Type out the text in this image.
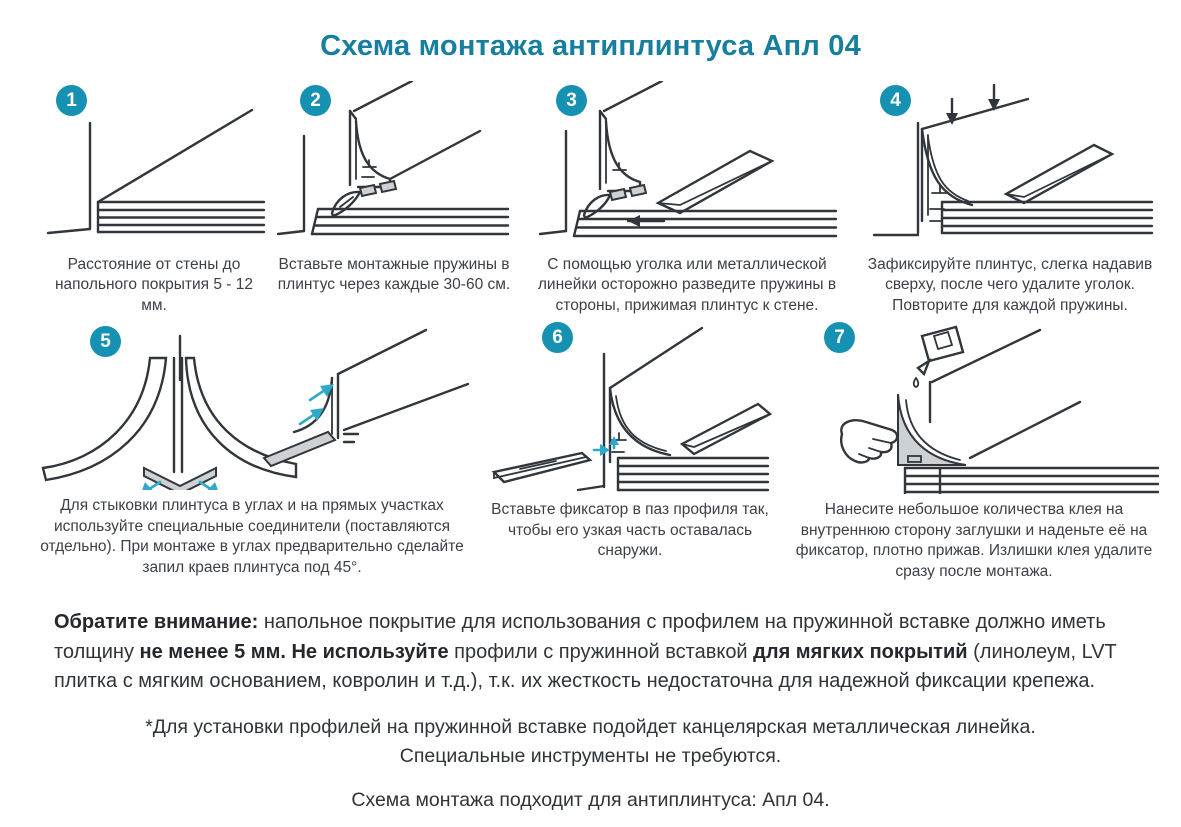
Схема монтажа антиплинтуса Апл 04
1
Расстояние от стены до напольного покрытия 5 - 12 мм.
2
Вставьте монтажные пружины в плинтус через каждые 30-60 см.
3
С помощью уголка или металлической линейки осторожно разведите пружины в стороны, прижимая плинтус к стене.
4
Зафиксируйте плинтус, слегка надавив сверху, после чего удалите уголок. Повторите для каждой пружины.
5
Для стыковки плинтуса в углах и на прямых участках используйте специальные соединители (поставляются отдельно). При монтаже в углах предварительно сделайте запил краев плинтуса под 45°.
6
Вставьте фиксатор в паз профиля так, чтобы его узкая часть оставалась снаружи.
7
Нанесите небольшое количества клея на внутреннюю сторону заглушки и наденьте её на фиксатор, плотно прижав. Излишки клея удалите сразу после монтажа.
Обратите внимание: напольное покрытие для использования с профилем на пружинной вставке должно иметь толщину не менее 5 мм. Не используйте профили с пружинной вставкой для мягких покрытий (линолеум, LVT плитка с мягким основанием, ковролин и т.д.), т.к. их жесткость недостаточна для надежной фиксации крепежа.
*Для установки профилей на пружинной вставке подойдет канцелярская металлическая линейка.
Специальные инструменты не требуются.
Схема монтажа подходит для антиплинтуса: Апл 04.
